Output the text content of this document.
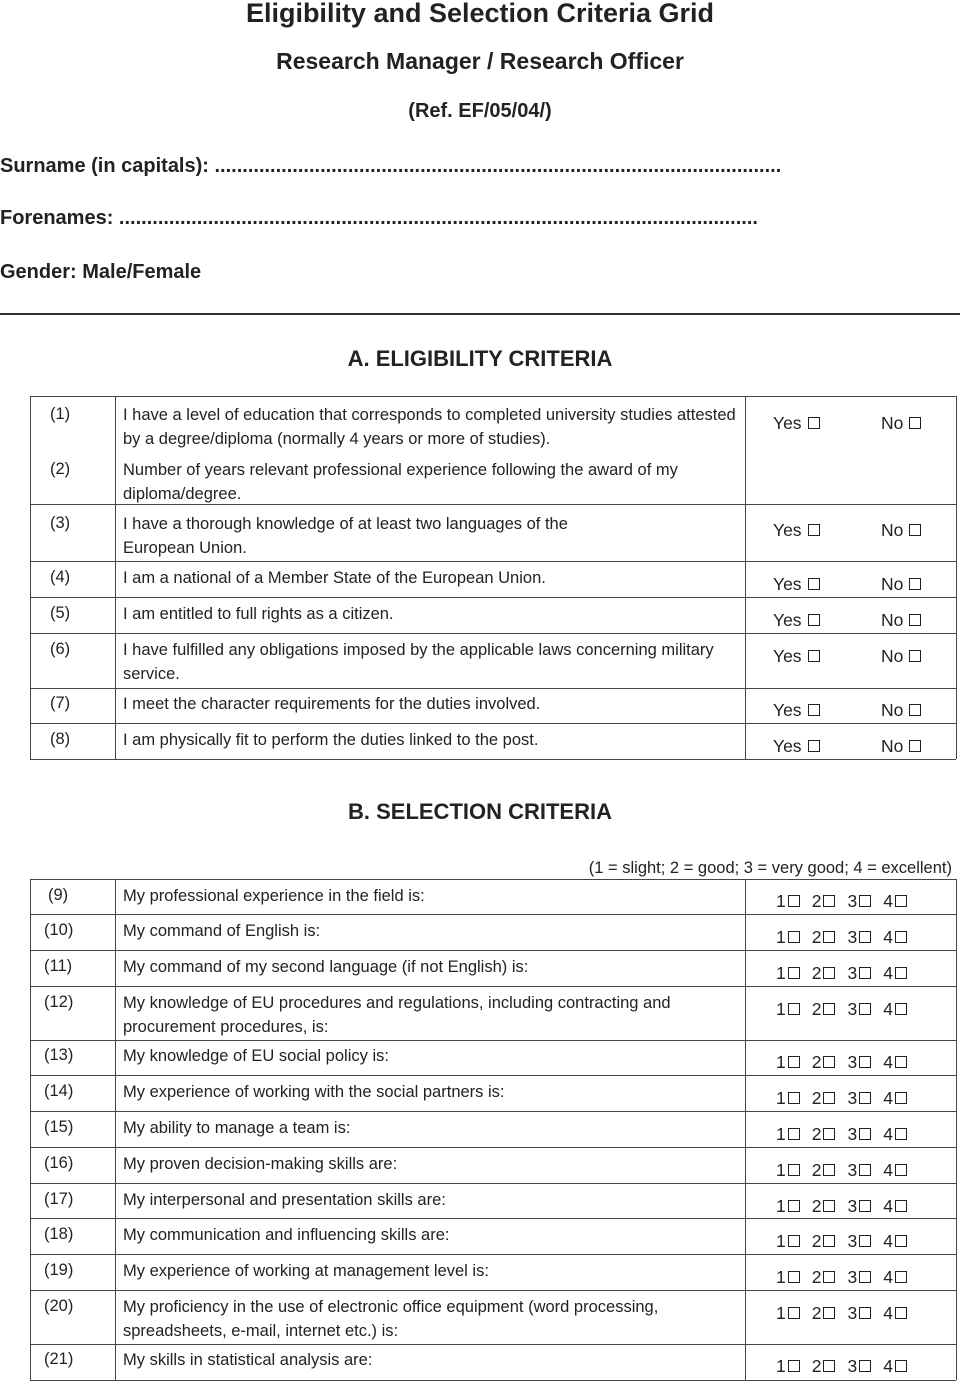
Eligibility and Selection Criteria Grid
Research Manager / Research Officer
(Ref. EF/05/04/)
Surname (in capitals): ......................................................................................................
Forenames: ...................................................................................................................
Gender: Male/Female
A. ELIGIBILITY CRITERIA
(1)	I have a level of education that corresponds to completed university studies attested by a degree/diploma (normally 4 years or more of studies).
(2)	Number of years relevant professional experience following the award of my diploma/degree.
Yes	No
(3)	I have a thorough knowledge of at least two languages of the European Union.
Yes	No
(4)	I am a national of a Member State of the European Union.	Yes	No
(5)	I am entitled to full rights as a citizen.	Yes	No
(6)	I have fulfilled any obligations imposed by the applicable laws concerning military service.
Yes	No
(7)	I meet the character requirements for the duties involved.	Yes	No
(8)	I am physically fit to perform the duties linked to the post.	Yes	No
B. SELECTION CRITERIA
(1 = slight; 2 = good; 3 = very good; 4 = excellent)
(9)	My professional experience in the field is:	1 2 3 4
(10)	My command of English is:	1 2 3 4
(11)	My command of my second language (if not English) is:	1 2 3 4
(12)	My knowledge of EU procedures and regulations, including contracting and procurement procedures, is:
1 2 3 4
(13)	My knowledge of EU social policy is:	1 2 3 4
(14)	My experience of working with the social partners is:	1 2 3 4
(15)	My ability to manage a team is:	1 2 3 4
(16)	My proven decision-making skills are:	1 2 3 4
(17)	My interpersonal and presentation skills are:	1 2 3 4
(18)	My communication and influencing skills are:	1 2 3 4
(19)	My experience of working at management level is:	1 2 3 4
(20)	My proficiency in the use of electronic office equipment (word processing, spreadsheets, e-mail, internet etc.) is:
1 2 3 4
(21)	My skills in statistical analysis are:	1 2 3 4
